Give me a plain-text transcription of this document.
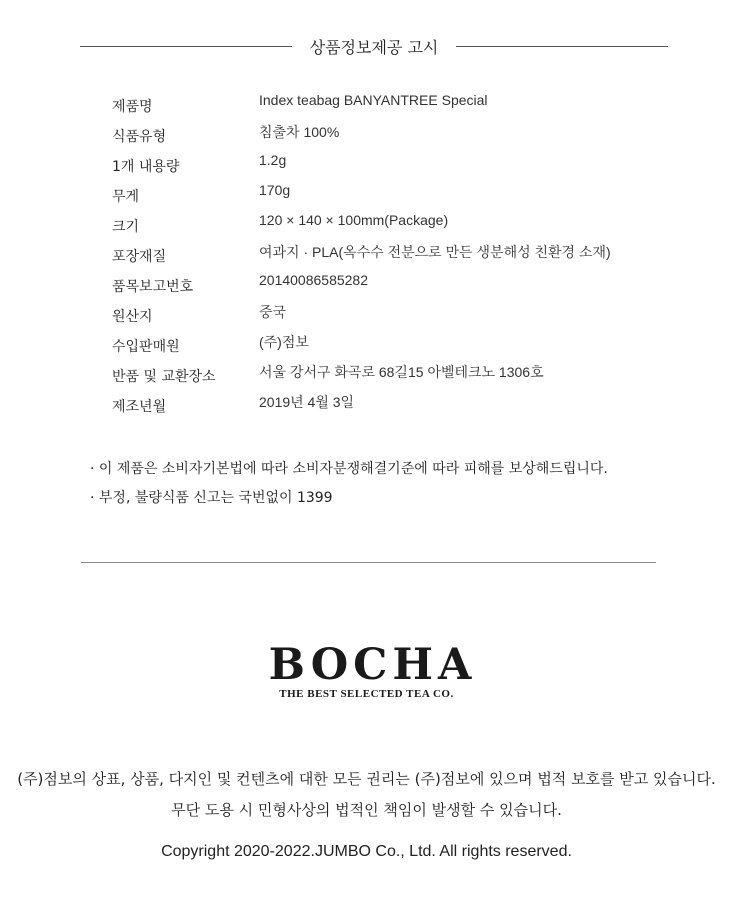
상품정보제공 고시
제품명	Index teabag BANYANTREE Special
식품유형	침출차 100%
1개 내용량	1.2g
무게	170g
크기	120 × 140 × 100mm(Package)
포장재질	여과지 · PLA(옥수수 전분으로 만든 생분해성 친환경 소재)
품목보고번호	20140086585282
원산지	중국
수입판매원	(주)점보
반품 및 교환장소	서울 강서구 화곡로 68길15 아벨테크노 1306호
제조년월	2019년 4월 3일
· 이 제품은 소비자기본법에 따라 소비자분쟁해결기준에 따라 피해를 보상해드립니다.
· 부정, 불량식품 신고는 국번없이 1399
BOCHA
THE BEST SELECTED TEA CO.
(주)점보의 상표, 상품, 다지인 및 컨텐츠에 대한 모든 권리는 (주)점보에 있으며 법적 보호를 받고 있습니다.
무단 도용 시 민형사상의 법적인 책임이 발생할 수 있습니다.
Copyright 2020-2022.JUMBO Co., Ltd. All rights reserved.
